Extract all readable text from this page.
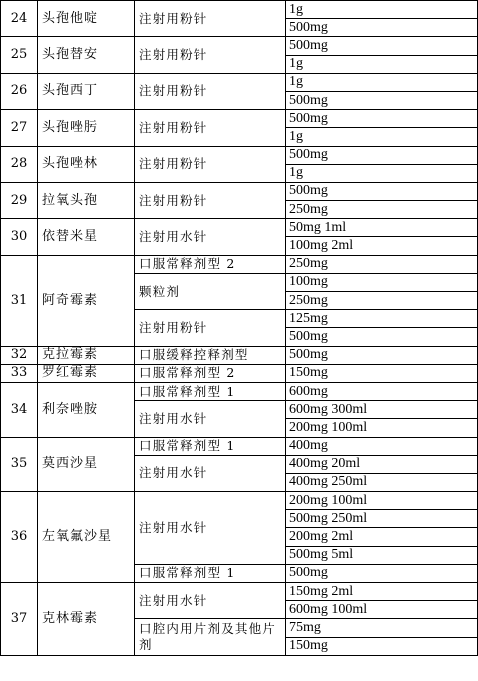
24	头孢他啶	注射用粉针	1g
			500mg
25	头孢替安	注射用粉针	500mg
			1g
26	头孢西丁	注射用粉针	1g
			500mg
27	头孢唑肟	注射用粉针	500mg
			1g
28	头孢唑林	注射用粉针	500mg
			1g
29	拉氧头孢	注射用粉针	500mg
			250mg
30	依替米星	注射用水针	50mg 1ml
			100mg 2ml
31	阿奇霉素	口服常释剂型 2	250mg
		颗粒剂	100mg
			250mg
		注射用粉针	125mg
			500mg
32	克拉霉素	口服缓释控释剂型	500mg
33	罗红霉素	口服常释剂型 2	150mg
34	利奈唑胺	口服常释剂型 1	600mg
		注射用水针	600mg 300ml
			200mg 100ml
35	莫西沙星	口服常释剂型 1	400mg
		注射用水针	400mg 20ml
			400mg 250ml
36	左氧氟沙星	注射用水针	200mg 100ml
			500mg 250ml
			200mg 2ml
			500mg 5ml
		口服常释剂型 1	500mg
37	克林霉素	注射用水针	150mg 2ml
			600mg 100ml
		口腔内用片剂及其他片剂	75mg
			150mg
